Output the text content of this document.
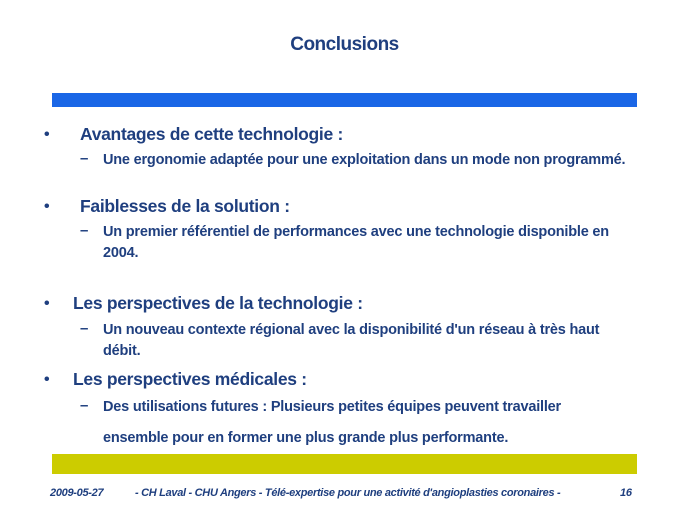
Conclusions
• Avantages de cette technologie :
– Une ergonomie adaptée pour une exploitation dans un mode non programmé.
• Faiblesses de la solution :
– Un premier référentiel de performances avec une technologie disponible en 2004.
• Les perspectives de la technologie :
– Un nouveau contexte régional avec la disponibilité d'un réseau à très haut débit.
• Les perspectives médicales :
– Des utilisations futures : Plusieurs petites équipes peuvent travailler
ensemble pour en former une plus grande plus performante.
2009-05-27	- CH Laval - CHU Angers - Télé-expertise pour une activité d'angioplasties coronaires -	16
